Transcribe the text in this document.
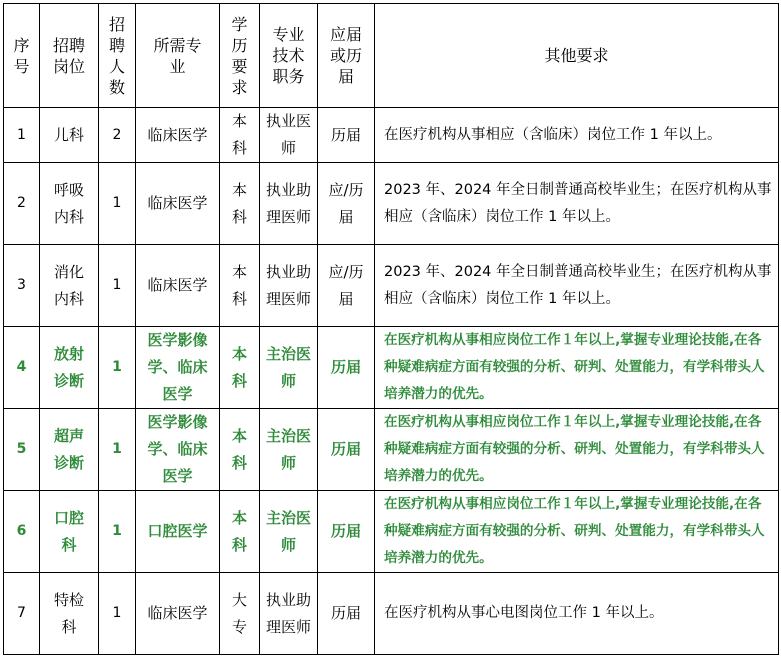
序号	招聘岗位	招聘人数	所需专业	学历要求	专业技术职务	应届或历届	其他要求
1	儿科	2	临床医学	本科	执业医师	历届	在医疗机构从事相应（含临床）岗位工作 1 年以上。
2	呼吸内科	1	临床医学	本科	执业助理医师	应/历届	2023 年、2024 年全日制普通高校毕业生；在医疗机构从事相应（含临床）岗位工作 1 年以上。
3	消化内科	1	临床医学	本科	执业助理医师	应/历届	2023 年、2024 年全日制普通高校毕业生；在医疗机构从事相应（含临床）岗位工作 1 年以上。
4	放射诊断	1	医学影像学、临床医学	本科	主治医师	历届	在医疗机构从事相应岗位工作１年以上,掌握专业理论技能,在各种疑难病症方面有较强的分析、研判、处置能力，有学科带头人培养潜力的优先。
5	超声诊断	1	医学影像学、临床医学	本科	主治医师	历届	在医疗机构从事相应岗位工作１年以上,掌握专业理论技能,在各种疑难病症方面有较强的分析、研判、处置能力，有学科带头人培养潜力的优先。
6	口腔科	1	口腔医学	本科	主治医师	历届	在医疗机构从事相应岗位工作１年以上,掌握专业理论技能,在各种疑难病症方面有较强的分析、研判、处置能力，有学科带头人培养潜力的优先。
7	特检科	1	临床医学	大专	执业助理医师	历届	在医疗机构从事心电图岗位工作 1 年以上。
